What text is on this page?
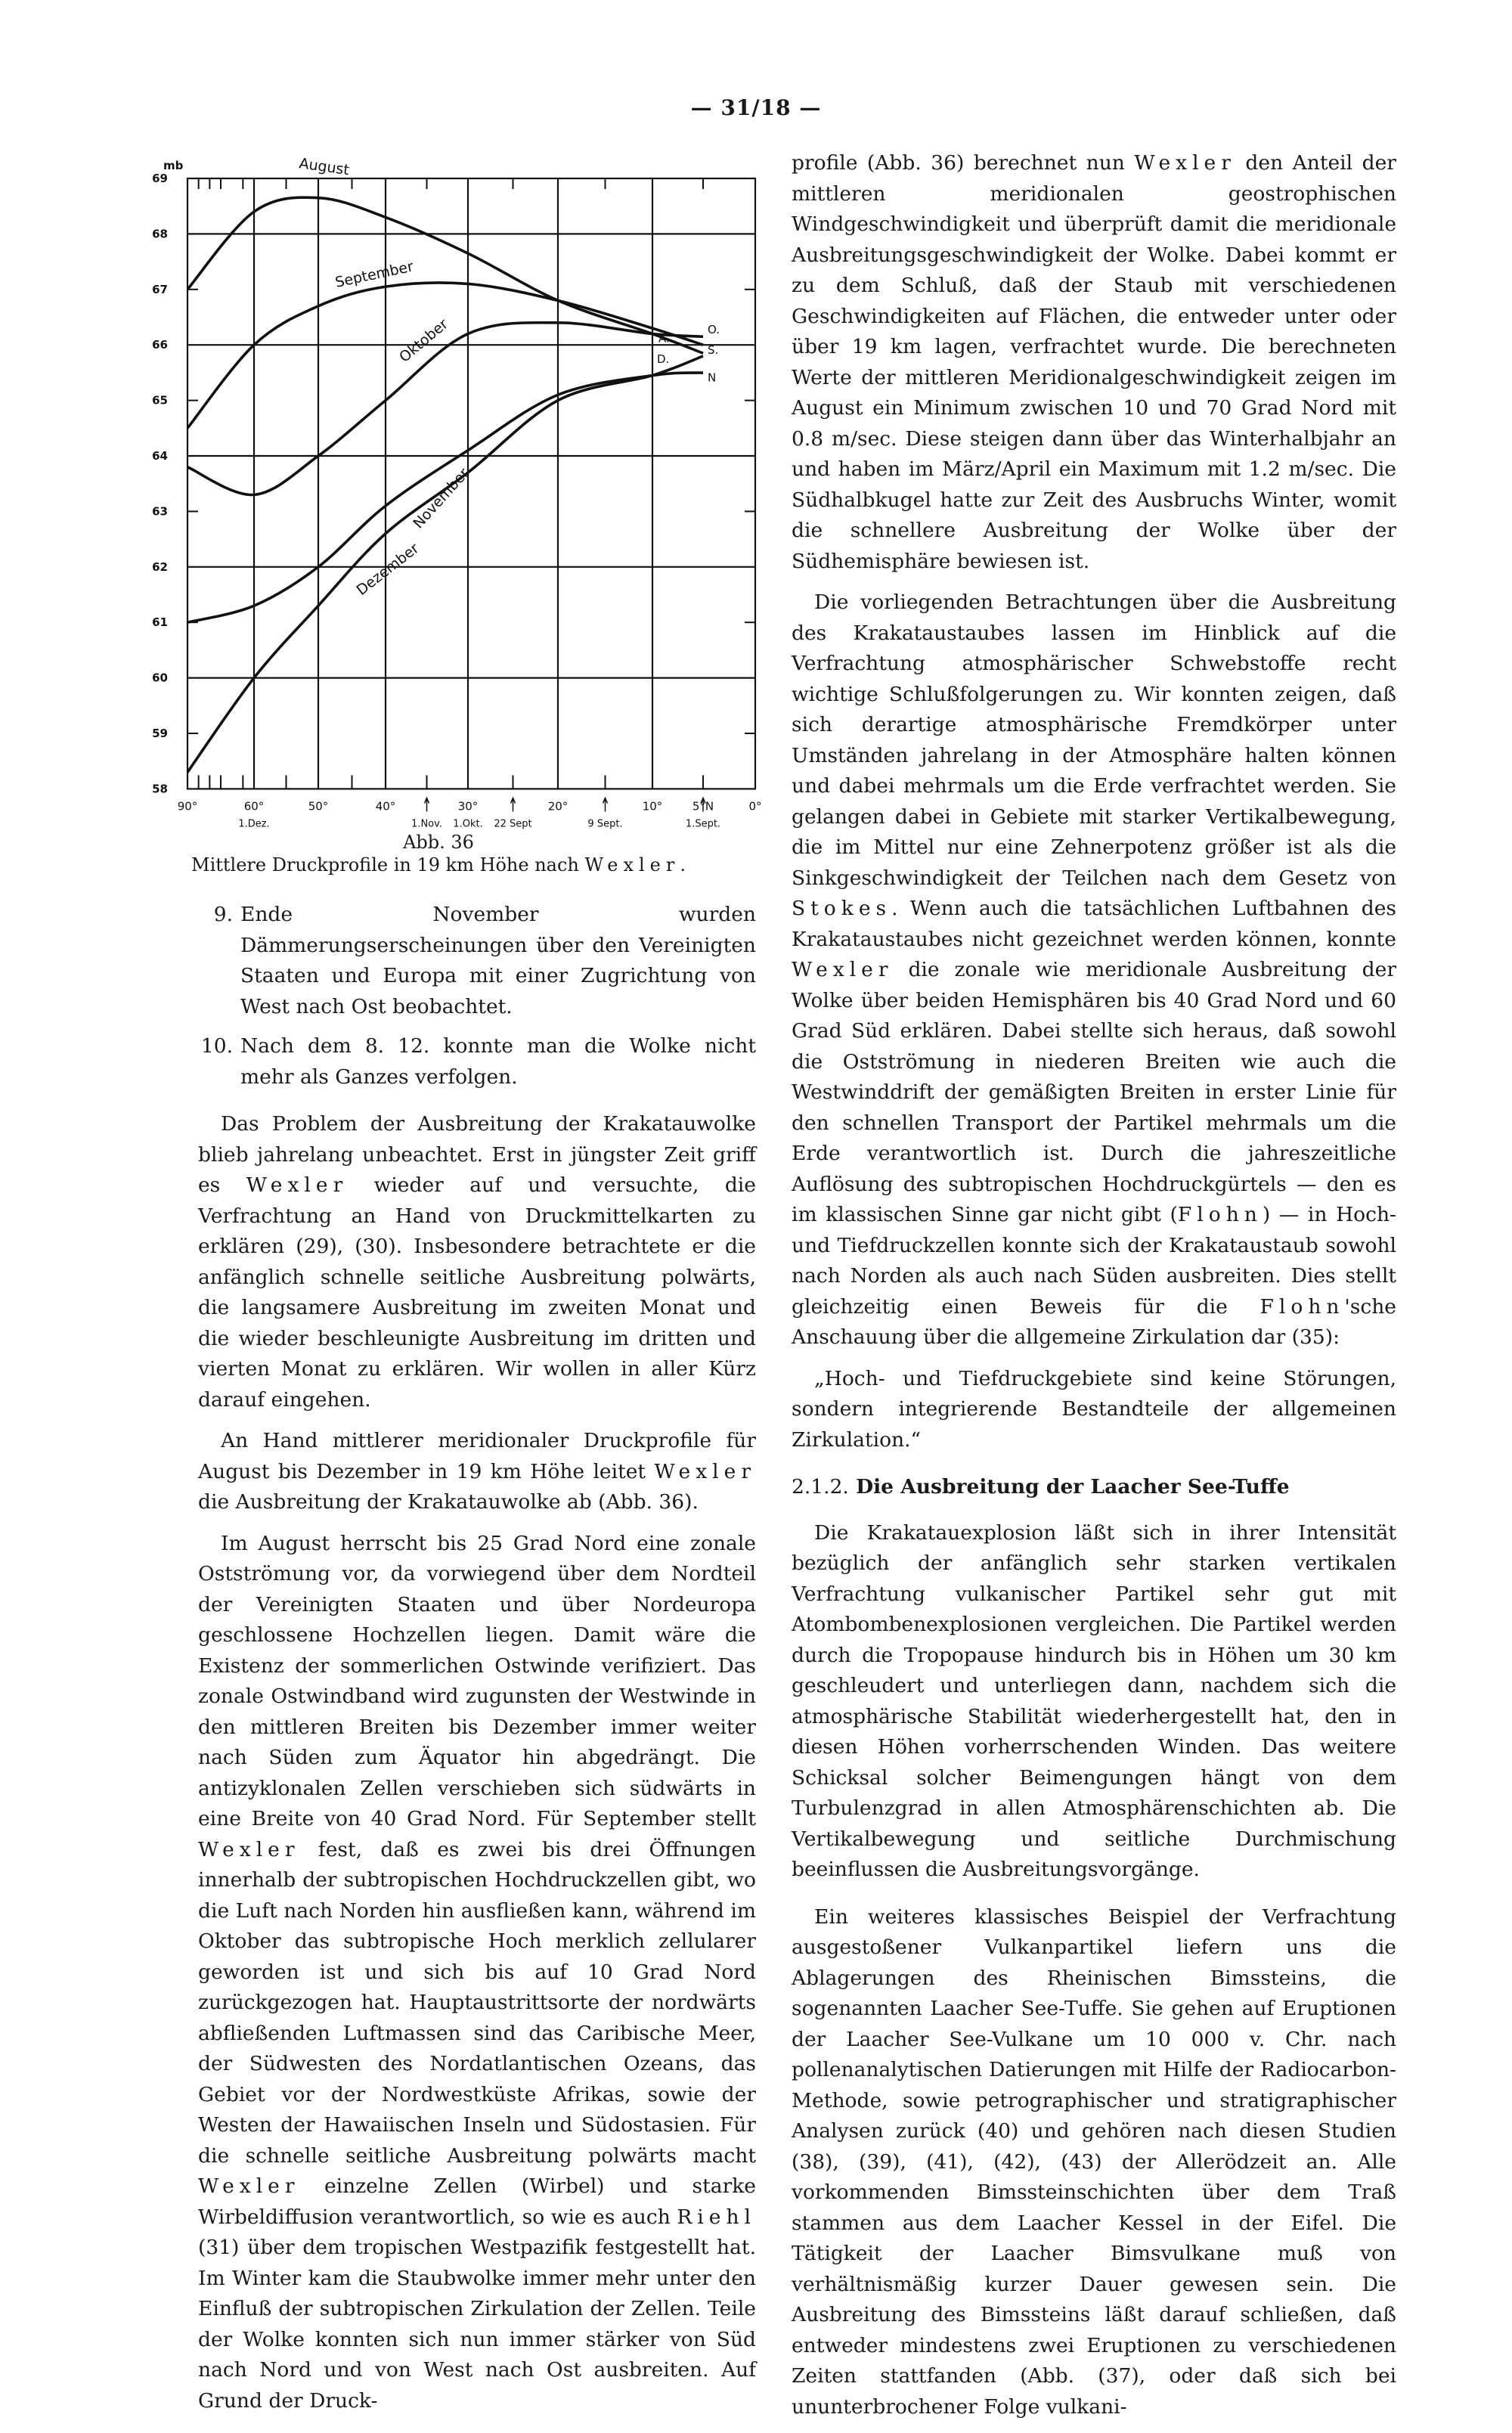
— 31/18 —
mb
69
68
67
66
65
64
63
62
61
60
59
58
90°	60°	50°	40°	30°	20°	10°	5°N	0°
1.Dez.	1.Nov. 1.Okt. 22 Sept	9 Sept.	1.Sept.
August
September
Oktober
November
Dezember
O.
S.
A.
D.
N
Abb. 36
Mittlere Druckprofile in 19 km Höhe nach Wexler.
9. Ende November wurden Dämmerungserscheinungen über den Vereinigten Staaten und Europa mit einer Zugrichtung von West nach Ost beobachtet.
10. Nach dem 8. 12. konnte man die Wolke nicht mehr als Ganzes verfolgen.

Das Problem der Ausbreitung der Krakatauwolke blieb jahrelang unbeachtet. Erst in jüngster Zeit griff es Wexler wieder auf und versuchte, die Verfrachtung an Hand von Druckmittelkarten zu erklären (29), (30). Insbesondere betrachtete er die anfänglich schnelle seitliche Ausbreitung polwärts, die langsamere Ausbreitung im zweiten Monat und die wieder beschleunigte Ausbreitung im dritten und vierten Monat zu erklären. Wir wollen in aller Kürz darauf eingehen.

An Hand mittlerer meridionaler Druckprofile für August bis Dezember in 19 km Höhe leitet Wexler die Ausbreitung der Krakatauwolke ab (Abb. 36).

Im August herrscht bis 25 Grad Nord eine zonale Ostströmung vor, da vorwiegend über dem Nordteil der Vereinigten Staaten und über Nordeuropa geschlossene Hochzellen liegen. Damit wäre die Existenz der sommerlichen Ostwinde verifiziert. Das zonale Ostwindband wird zugunsten der Westwinde in den mittleren Breiten bis Dezember immer weiter nach Süden zum Äquator hin abgedrängt. Die antizyklonalen Zellen verschieben sich südwärts in eine Breite von 40 Grad Nord. Für September stellt Wexler fest, daß es zwei bis drei Öffnungen innerhalb der subtropischen Hochdruckzellen gibt, wo die Luft nach Norden hin ausfließen kann, während im Oktober das subtropische Hoch merklich zellularer geworden ist und sich bis auf 10 Grad Nord zurückgezogen hat. Hauptaustrittsorte der nordwärts abfließenden Luftmassen sind das Caribische Meer, der Südwesten des Nordatlantischen Ozeans, das Gebiet vor der Nordwestküste Afrikas, sowie der Westen der Hawaiischen Inseln und Südostasien. Für die schnelle seitliche Ausbreitung polwärts macht Wexler einzelne Zellen (Wirbel) und starke Wirbeldiffusion verantwortlich, so wie es auch Riehl (31) über dem tropischen Westpazifik festgestellt hat. Im Winter kam die Staubwolke immer mehr unter den Einfluß der subtropischen Zirkulation der Zellen. Teile der Wolke konnten sich nun immer stärker von Süd nach Nord und von West nach Ost ausbreiten. Auf Grund der Druck-

profile (Abb. 36) berechnet nun Wexler den Anteil der mittleren meridionalen geostrophischen Windgeschwindigkeit und überprüft damit die meridionale Ausbreitungsgeschwindigkeit der Wolke. Dabei kommt er zu dem Schluß, daß der Staub mit verschiedenen Geschwindigkeiten auf Flächen, die entweder unter oder über 19 km lagen, verfrachtet wurde. Die berechneten Werte der mittleren Meridionalgeschwindigkeit zeigen im August ein Minimum zwischen 10 und 70 Grad Nord mit 0.8 m/sec. Diese steigen dann über das Winterhalbjahr an und haben im März/April ein Maximum mit 1.2 m/sec. Die Südhalbkugel hatte zur Zeit des Ausbruchs Winter, womit die schnellere Ausbreitung der Wolke über der Südhemisphäre bewiesen ist.

Die vorliegenden Betrachtungen über die Ausbreitung des Krakataustaubes lassen im Hinblick auf die Verfrachtung atmosphärischer Schwebstoffe recht wichtige Schlußfolgerungen zu. Wir konnten zeigen, daß sich derartige atmosphärische Fremdkörper unter Umständen jahrelang in der Atmosphäre halten können und dabei mehrmals um die Erde verfrachtet werden. Sie gelangen dabei in Gebiete mit starker Vertikalbewegung, die im Mittel nur eine Zehnerpotenz größer ist als die Sinkgeschwindigkeit der Teilchen nach dem Gesetz von Stokes. Wenn auch die tatsächlichen Luftbahnen des Krakataustaubes nicht gezeichnet werden können, konnte Wexler die zonale wie meridionale Ausbreitung der Wolke über beiden Hemisphären bis 40 Grad Nord und 60 Grad Süd erklären. Dabei stellte sich heraus, daß sowohl die Ostströmung in niederen Breiten wie auch die Westwinddrift der gemäßigten Breiten in erster Linie für den schnellen Transport der Partikel mehrmals um die Erde verantwortlich ist. Durch die jahreszeitliche Auflösung des subtropischen Hochdruckgürtels — den es im klassischen Sinne gar nicht gibt (Flohn) — in Hoch- und Tiefdruckzellen konnte sich der Krakataustaub sowohl nach Norden als auch nach Süden ausbreiten. Dies stellt gleichzeitig einen Beweis für die Flohn'sche Anschauung über die allgemeine Zirkulation dar (35):

„Hoch- und Tiefdruckgebiete sind keine Störungen, sondern integrierende Bestandteile der allgemeinen Zirkulation.“

2.1.2. Die Ausbreitung der Laacher See-Tuffe

Die Krakatauexplosion läßt sich in ihrer Intensität bezüglich der anfänglich sehr starken vertikalen Verfrachtung vulkanischer Partikel sehr gut mit Atombombenexplosionen vergleichen. Die Partikel werden durch die Tropopause hindurch bis in Höhen um 30 km geschleudert und unterliegen dann, nachdem sich die atmosphärische Stabilität wiederhergestellt hat, den in diesen Höhen vorherrschenden Winden. Das weitere Schicksal solcher Beimengungen hängt von dem Turbulenzgrad in allen Atmosphärenschichten ab. Die Vertikalbewegung und seitliche Durchmischung beeinflussen die Ausbreitungsvorgänge.

Ein weiteres klassisches Beispiel der Verfrachtung ausgestoßener Vulkanpartikel liefern uns die Ablagerungen des Rheinischen Bimssteins, die sogenannten Laacher See-Tuffe. Sie gehen auf Eruptionen der Laacher See-Vulkane um 10 000 v. Chr. nach pollenanalytischen Datierungen mit Hilfe der Radiocarbon-Methode, sowie petrographischer und stratigraphischer Analysen zurück (40) und gehören nach diesen Studien (38), (39), (41), (42), (43) der Allerödzeit an. Alle vorkommenden Bimssteinschichten über dem Traß stammen aus dem Laacher Kessel in der Eifel. Die Tätigkeit der Laacher Bimsvulkane muß von verhältnismäßig kurzer Dauer gewesen sein. Die Ausbreitung des Bimssteins läßt darauf schließen, daß entweder mindestens zwei Eruptionen zu verschiedenen Zeiten stattfanden (Abb. (37), oder daß sich bei ununterbrochener Folge vulkani-
